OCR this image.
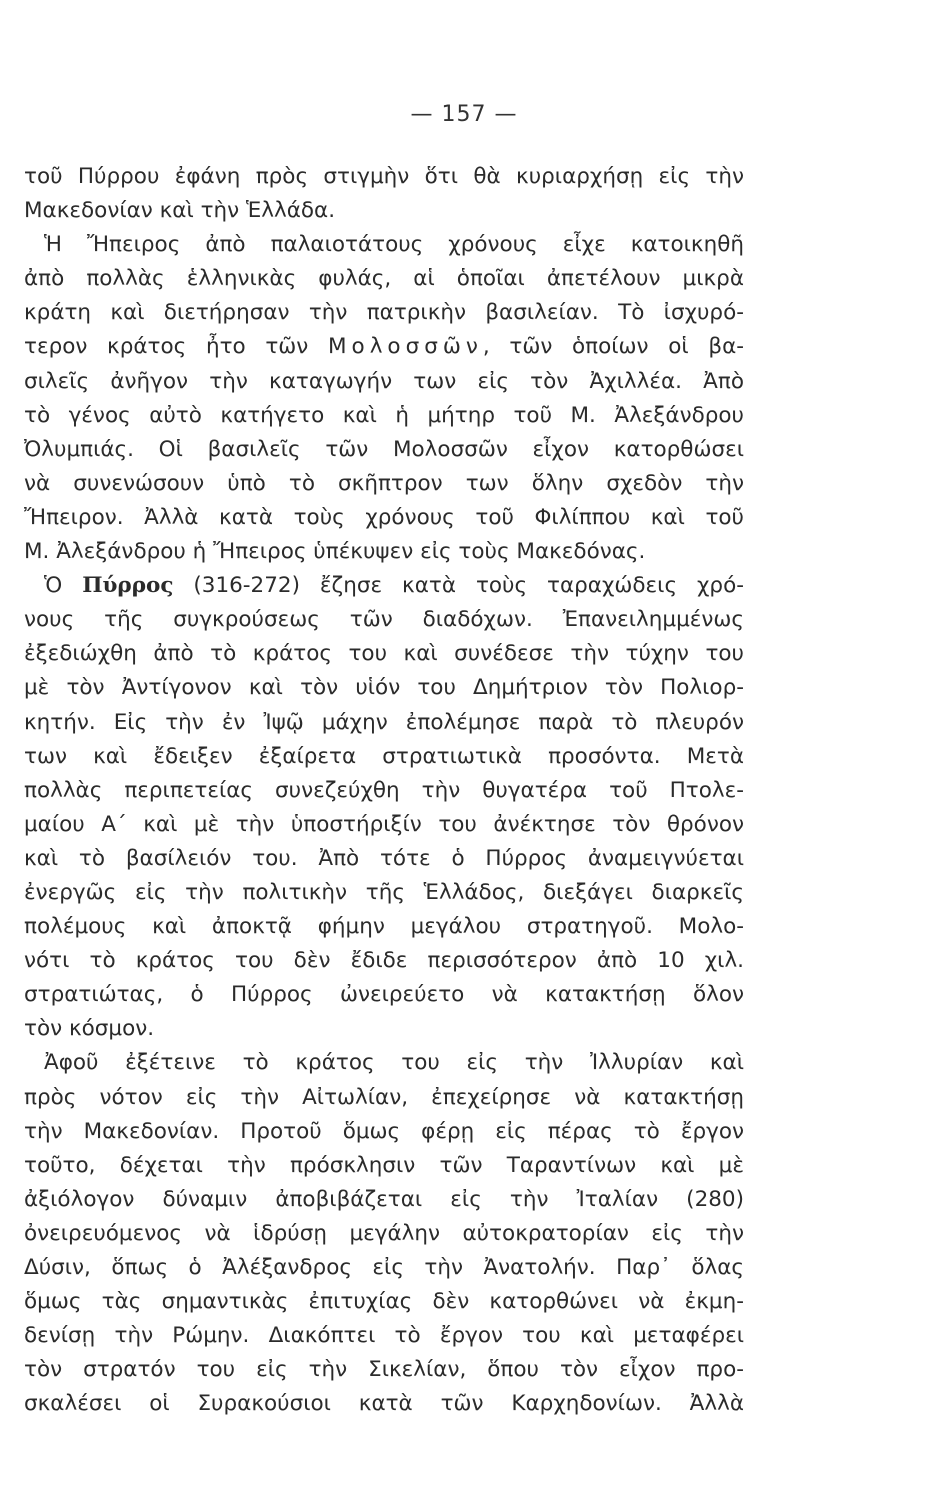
— 157 —
τοῦ Πύρρου ἐφάνη πρὸς στιγμὴν ὅτι θὰ κυριαρχήσῃ εἰς τὴν
Μακεδονίαν καὶ τὴν Ἑλλάδα.
Ἡ Ἤπειρος ἀπὸ παλαιοτάτους χρόνους εἶχε κατοικηθῆ
ἀπὸ πολλὰς ἑλληνικὰς φυλάς, αἱ ὁποῖαι ἀπετέλουν μικρὰ
κράτη καὶ διετήρησαν τὴν πατρικὴν βασιλείαν. Τὸ ἰσχυρό-
τερον κράτος ἦτο τῶν Μολοσσῶν, τῶν ὁποίων οἱ βα-
σιλεῖς ἀνῆγον τὴν καταγωγήν των εἰς τὸν Ἀχιλλέα. Ἀπὸ
τὸ γένος αὐτὸ κατήγετο καὶ ἡ μήτηρ τοῦ Μ. Ἀλεξάνδρου
Ὀλυμπιάς. Οἱ βασιλεῖς τῶν Μολοσσῶν εἶχον κατορθώσει
νὰ συνενώσουν ὑπὸ τὸ σκῆπτρον των ὅλην σχεδὸν τὴν
Ἤπειρον. Ἀλλὰ κατὰ τοὺς χρόνους τοῦ Φιλίππου καὶ τοῦ
Μ. Ἀλεξάνδρου ἡ Ἤπειρος ὑπέκυψεν εἰς τοὺς Μακεδόνας.
Ὁ Πύρρος (316-272) ἔζησε κατὰ τοὺς ταραχώδεις χρό-
νους τῆς συγκρούσεως τῶν διαδόχων. Ἐπανειλημμένως
ἐξεδιώχθη ἀπὸ τὸ κράτος του καὶ συνέδεσε τὴν τύχην του
μὲ τὸν Ἀντίγονον καὶ τὸν υἱόν του Δημήτριον τὸν Πολιορ-
κητήν. Εἰς τὴν ἐν Ἰψῷ μάχην ἐπολέμησε παρὰ τὸ πλευρόν
των καὶ ἔδειξεν ἐξαίρετα στρατιωτικὰ προσόντα. Μετὰ
πολλὰς περιπετείας συνεζεύχθη τὴν θυγατέρα τοῦ Πτολε-
μαίου Α΄ καὶ μὲ τὴν ὑποστήριξίν του ἀνέκτησε τὸν θρόνον
καὶ τὸ βασίλειόν του. Ἀπὸ τότε ὁ Πύρρος ἀναμειγνύεται
ἐνεργῶς εἰς τὴν πολιτικὴν τῆς Ἑλλάδος, διεξάγει διαρκεῖς
πολέμους καὶ ἀποκτᾷ φήμην μεγάλου στρατηγοῦ. Μολο-
νότι τὸ κράτος του δὲν ἔδιδε περισσότερον ἀπὸ 10 χιλ.
στρατιώτας, ὁ Πύρρος ὠνειρεύετο νὰ κατακτήσῃ ὅλον
τὸν κόσμον.
Ἀφοῦ ἐξέτεινε τὸ κράτος του εἰς τὴν Ἰλλυρίαν καὶ
πρὸς νότον εἰς τὴν Αἰτωλίαν, ἐπεχείρησε νὰ κατακτήσῃ
τὴν Μακεδονίαν. Προτοῦ ὅμως φέρῃ εἰς πέρας τὸ ἔργον
τοῦτο, δέχεται τὴν πρόσκλησιν τῶν Ταραντίνων καὶ μὲ
ἀξιόλογον δύναμιν ἀποβιβάζεται εἰς τὴν Ἰταλίαν (280)
ὀνειρευόμενος νὰ ἱδρύσῃ μεγάλην αὐτοκρατορίαν εἰς τὴν
Δύσιν, ὅπως ὁ Ἀλέξανδρος εἰς τὴν Ἀνατολήν. Παρ᾽ ὅλας
ὅμως τὰς σημαντικὰς ἐπιτυχίας δὲν κατορθώνει νὰ ἐκμη-
δενίσῃ τὴν Ρώμην. Διακόπτει τὸ ἔργον του καὶ μεταφέρει
τὸν στρατόν του εἰς τὴν Σικελίαν, ὅπου τὸν εἶχον προ-
σκαλέσει οἱ Συρακούσιοι κατὰ τῶν Καρχηδονίων. Ἀλλὰ
